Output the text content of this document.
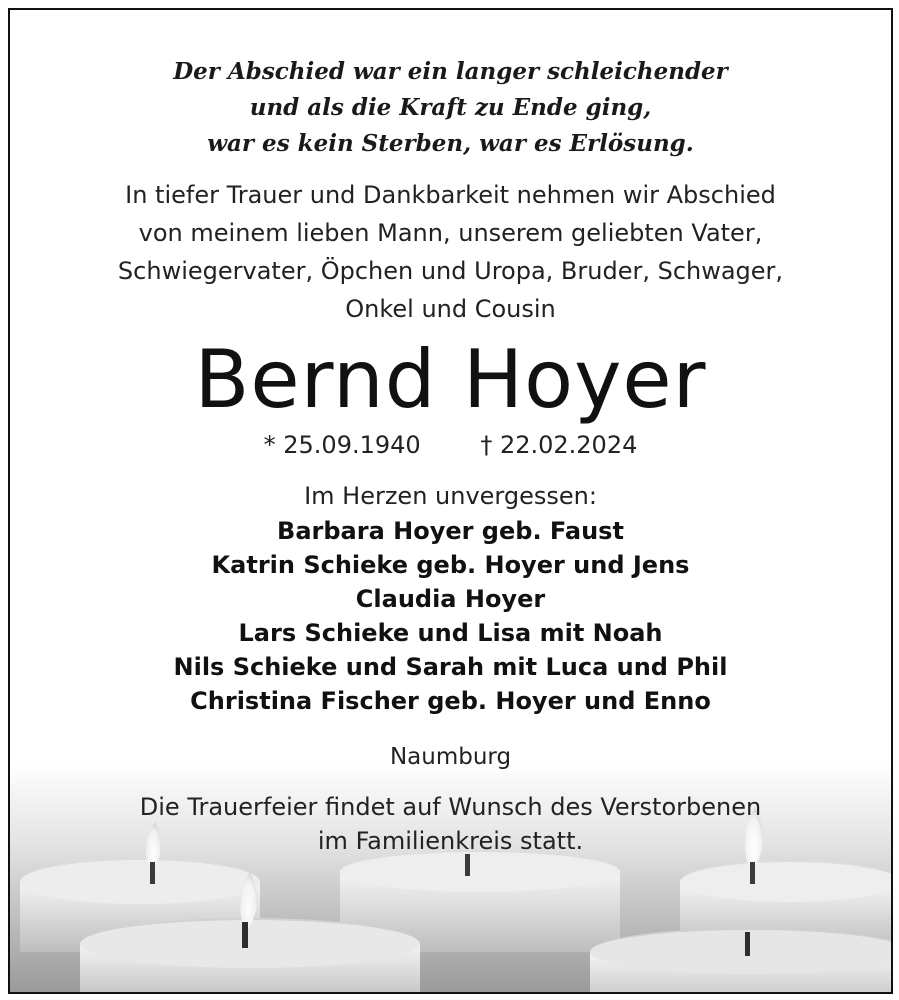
Der Abschied war ein langer schleichender
und als die Kraft zu Ende ging,
war es kein Sterben, war es Erlösung.
In tiefer Trauer und Dankbarkeit nehmen wir Abschied
von meinem lieben Mann, unserem geliebten Vater,
Schwiegervater, Öpchen und Uropa, Bruder, Schwager,
Onkel und Cousin
Bernd Hoyer
* 25.09.1940 † 22.02.2024
Im Herzen unvergessen:
Barbara Hoyer geb. Faust
Katrin Schieke geb. Hoyer und Jens
Claudia Hoyer
Lars Schieke und Lisa mit Noah
Nils Schieke und Sarah mit Luca und Phil
Christina Fischer geb. Hoyer und Enno
Naumburg
Die Trauerfeier findet auf Wunsch des Verstorbenen
im Familienkreis statt.
